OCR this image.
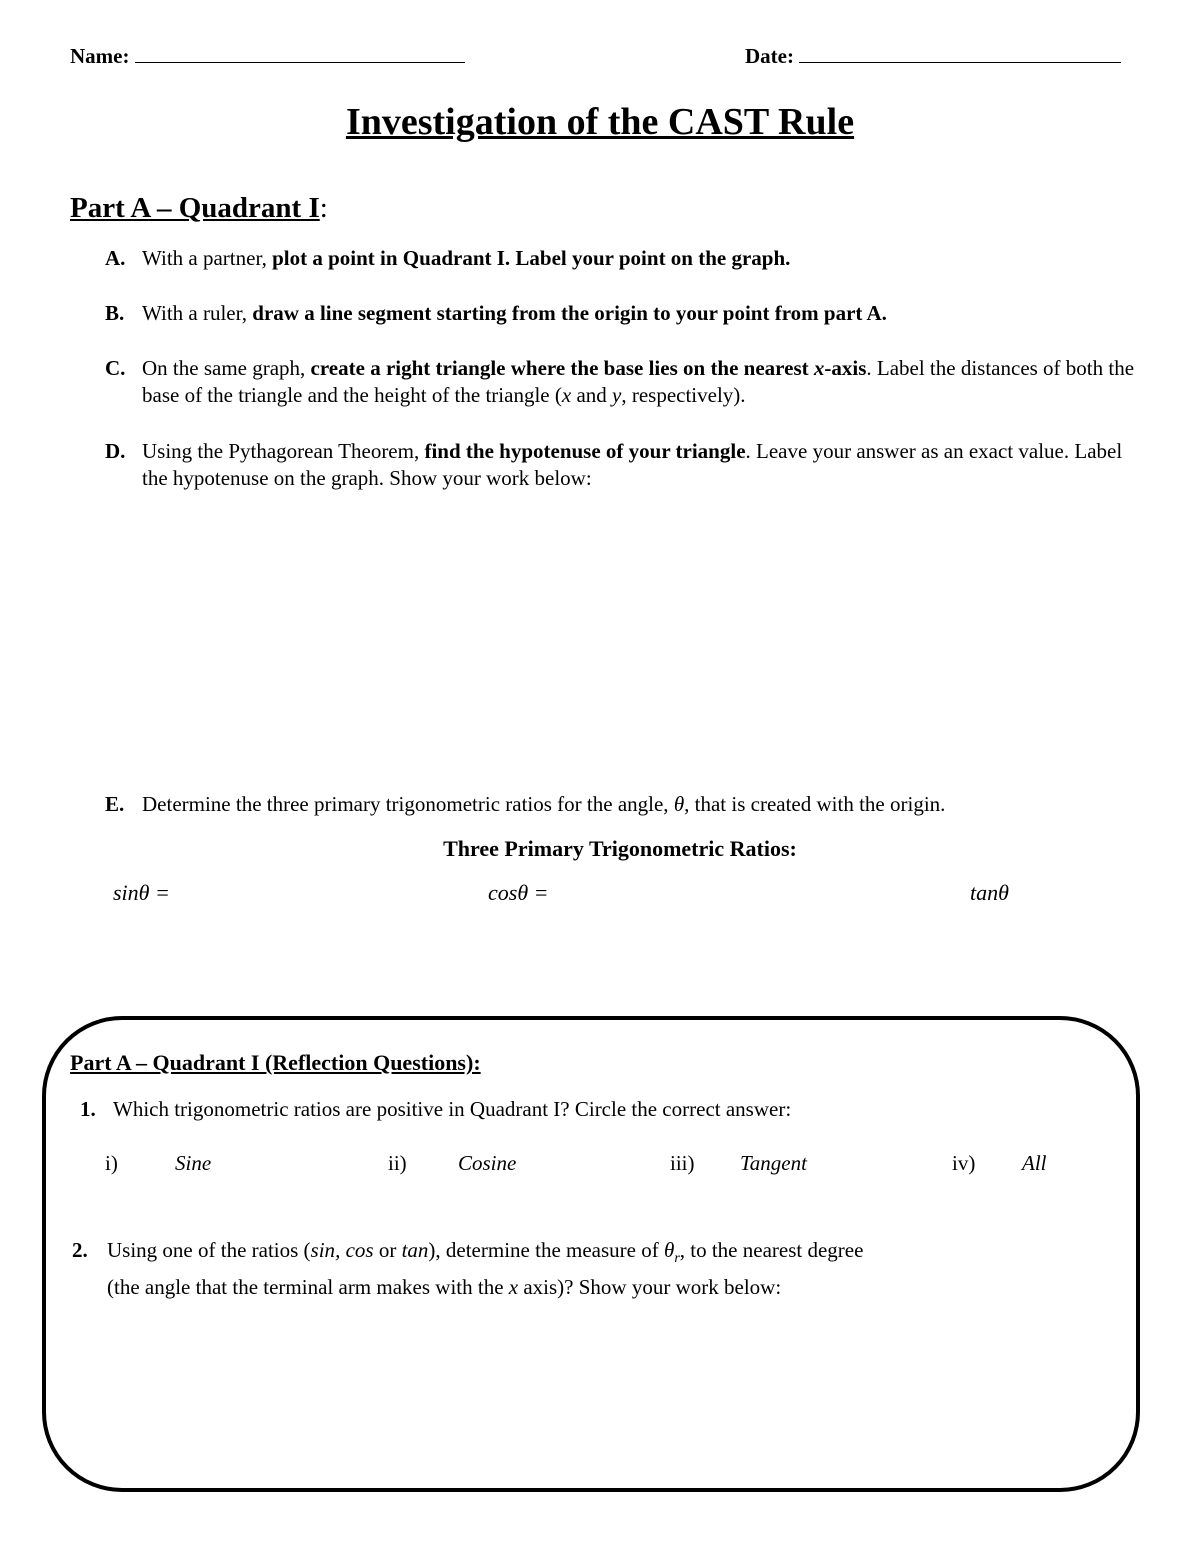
Name:	Date:
Investigation of the CAST Rule
Part A – Quadrant I:
A. With a partner, plot a point in Quadrant I. Label your point on the graph.
B. With a ruler, draw a line segment starting from the origin to your point from part A.
C. On the same graph, create a right triangle where the base lies on the nearest x-axis. Label the distances of both the base of the triangle and the height of the triangle (x and y, respectively).
D. Using the Pythagorean Theorem, find the hypotenuse of your triangle. Leave your answer as an exact value. Label the hypotenuse on the graph. Show your work below:
E. Determine the three primary trigonometric ratios for the angle, θ, that is created with the origin.
Three Primary Trigonometric Ratios:
sinθ =	cosθ =	tanθ
Part A – Quadrant I (Reflection Questions):
1. Which trigonometric ratios are positive in Quadrant I? Circle the correct answer:
i)	Sine	ii) Cosine	iii) Tangent	iv) All
2. Using one of the ratios (sin, cos or tan), determine the measure of $\theta_r$, to the nearest degree
(the angle that the terminal arm makes with the x axis)? Show your work below:
